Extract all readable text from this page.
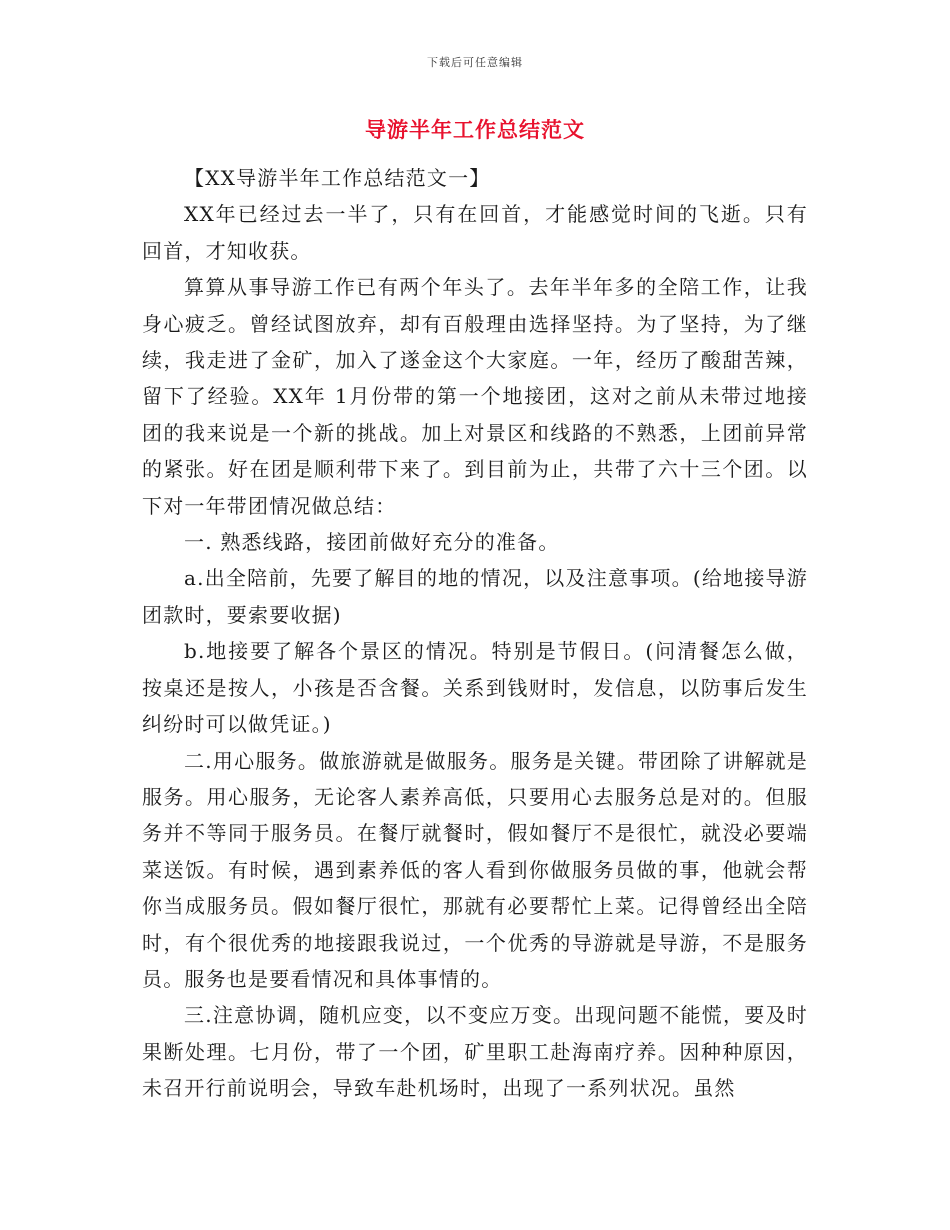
下载后可任意编辑
导游半年工作总结范文

【XX导游半年工作总结范文一】

XX年已经过去一半了，只有在回首，才能感觉时间的飞逝。只有回首，才知收获。

算算从事导游工作已有两个年头了。去年半年多的全陪工作，让我身心疲乏。曾经试图放弃，却有百般理由选择坚持。为了坚持，为了继续，我走进了金矿，加入了遂金这个大家庭。一年，经历了酸甜苦辣，留下了经验。XX年 1月份带的第一个地接团，这对之前从未带过地接团的我来说是一个新的挑战。加上对景区和线路的不熟悉，上团前异常的紧张。好在团是顺利带下来了。到目前为止，共带了六十三个团。以下对一年带团情况做总结：

一. 熟悉线路，接团前做好充分的准备。

a.出全陪前，先要了解目的地的情况，以及注意事项。(给地接导游团款时，要索要收据)

b.地接要了解各个景区的情况。特别是节假日。(问清餐怎么做，按桌还是按人，小孩是否含餐。关系到钱财时，发信息，以防事后发生纠纷时可以做凭证。)

二.用心服务。做旅游就是做服务。服务是关键。带团除了讲解就是服务。用心服务，无论客人素养高低，只要用心去服务总是对的。但服务并不等同于服务员。在餐厅就餐时，假如餐厅不是很忙，就没必要端菜送饭。有时候，遇到素养低的客人看到你做服务员做的事，他就会帮你当成服务员。假如餐厅很忙，那就有必要帮忙上菜。记得曾经出全陪时，有个很优秀的地接跟我说过，一个优秀的导游就是导游，不是服务员。服务也是要看情况和具体事情的。

三.注意协调，随机应变，以不变应万变。出现问题不能慌，要及时果断处理。七月份，带了一个团，矿里职工赴海南疗养。因种种原因，未召开行前说明会，导致车赴机场时，出现了一系列状况。虽然
